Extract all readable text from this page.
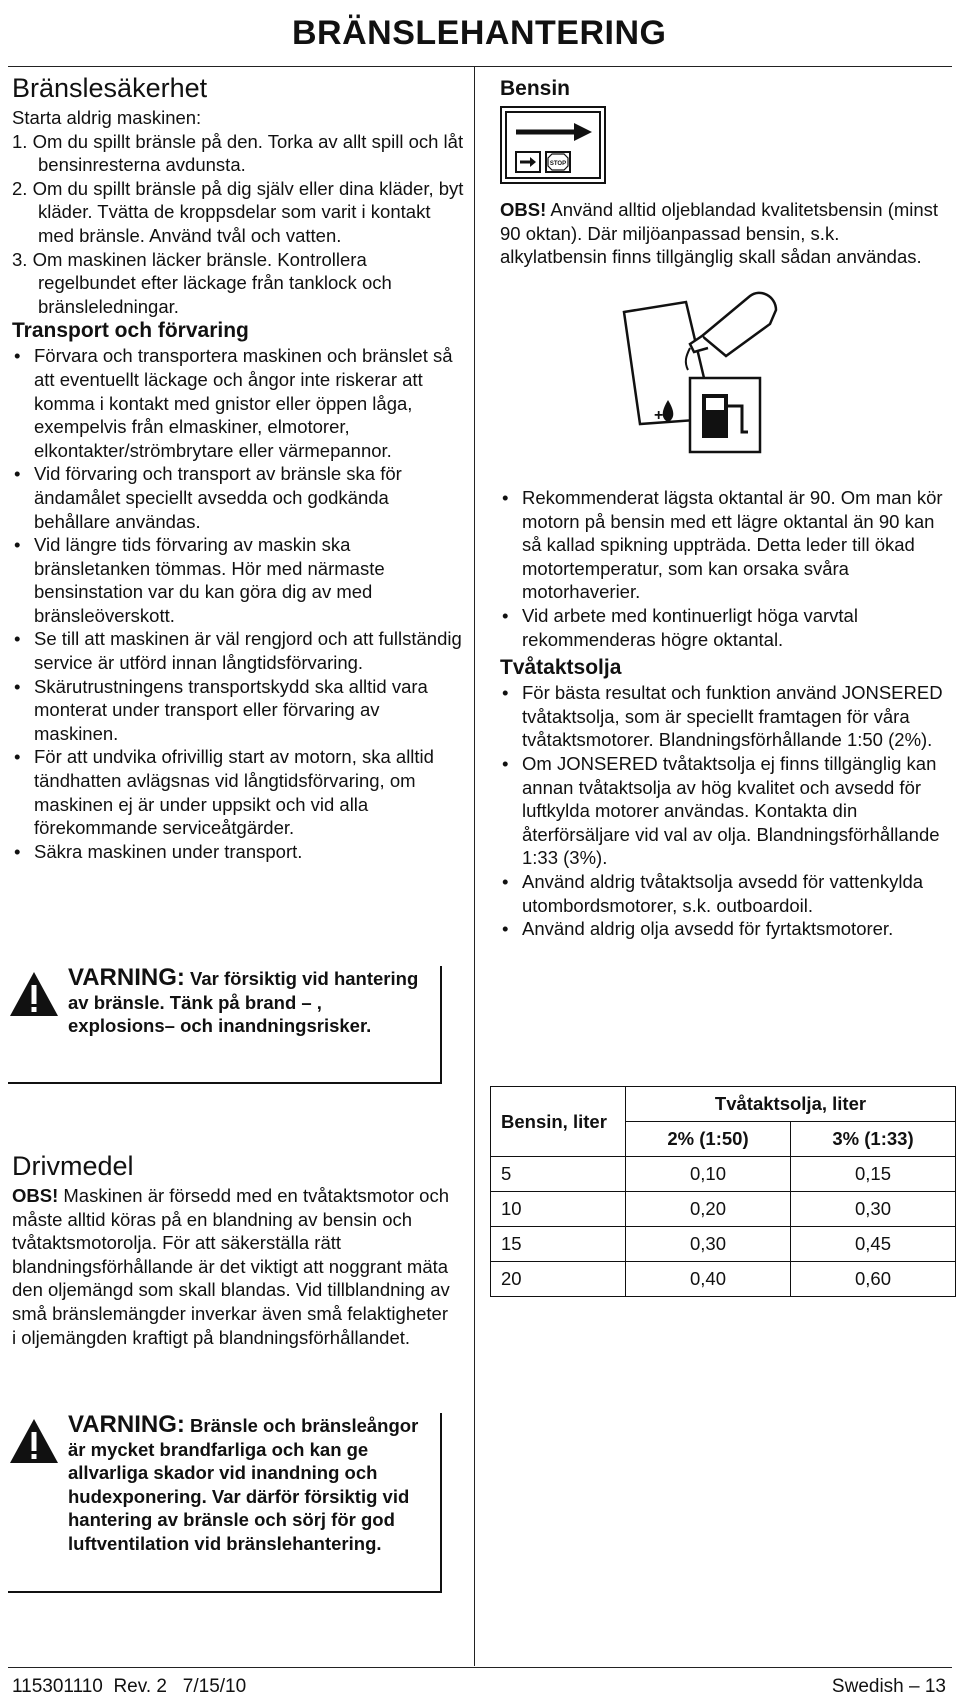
BRÄNSLEHANTERING
Bränslesäkerhet

Starta aldrig maskinen:

1. Om du spillt bränsle på den. Torka av allt spill och låt bensinresterna avdunsta.

2. Om du spillt bränsle på dig själv eller dina kläder, byt kläder. Tvätta de kroppsdelar som varit i kontakt med bränsle. Använd tvål och vatten.

3. Om maskinen läcker bränsle. Kontrollera regelbundet efter läckage från tanklock och bränsleledningar.

Transport och förvaring
• Förvara och transportera maskinen och bränslet så att eventuellt läckage och ångor inte riskerar att komma i kontakt med gnistor eller öppen låga, exempelvis från elmaskiner, elmotorer, elkontakter/strömbrytare eller värmepannor.
• Vid förvaring och transport av bränsle ska för ändamålet speciellt avsedda och godkända behållare användas.
• Vid längre tids förvaring av maskin ska bränsletanken tömmas. Hör med närmaste bensinstation var du kan göra dig av med bränsleöverskott.
• Se till att maskinen är väl rengjord och att fullständig service är utförd innan långtidsförvaring.
• Skärutrustningens transportskydd ska alltid vara monterat under transport eller förvaring av maskinen.
• För att undvika ofrivillig start av motorn, ska alltid tändhatten avlägsnas vid långtidsförvaring, om maskinen ej är under uppsikt och vid alla förekommande serviceåtgärder.
• Säkra maskinen under transport.
VARNING: Var försiktig vid hantering av bränsle. Tänk på brand – , explosions– och inandningsrisker.
Drivmedel

OBS! Maskinen är försedd med en tvåtaktsmotor och måste alltid köras på en blandning av bensin och tvåtaktsmotorolja. För att säkerställa rätt blandningsförhållande är det viktigt att noggrant mäta den oljemängd som skall blandas. Vid tillblandning av små bränslemängder inverkar även små felaktigheter i oljemängden kraftigt på blandningsförhållandet.

VARNING: Bränsle och bränsleångor är mycket brandfarliga och kan ge allvarliga skador vid inandning och hudexponering. Var därför försiktig vid hantering av bränsle och sörj för god luftventilation vid bränslehantering.
Bensin
STOP

OBS! Använd alltid oljeblandad kvalitetsbensin (minst 90 oktan). Där miljöanpassad bensin, s.k. alkylatbensin finns tillgänglig skall sådan användas.

+
• Rekommenderat lägsta oktantal är 90. Om man kör motorn på bensin med ett lägre oktantal än 90 kan så kallad spikning uppträda. Detta leder till ökad motortemperatur, som kan orsaka svåra motorhaverier.
• Vid arbete med kontinuerligt höga varvtal rekommenderas högre oktantal.
Tvåtaktsolja
• För bästa resultat och funktion använd JONSERED tvåtaktsolja, som är speciellt framtagen för våra tvåtaktsmotorer. Blandningsförhållande 1:50 (2%).
• Om JONSERED tvåtaktsolja ej finns tillgänglig kan annan tvåtaktsolja av hög kvalitet och avsedd för luftkylda motorer användas. Kontakta din återförsäljare vid val av olja. Blandningsförhållande 1:33 (3%).
• Använd aldrig tvåtaktsolja avsedd för vattenkylda utombordsmotorer, s.k. outboardoil.
• Använd aldrig olja avsedd för fyrtaktsmotorer.
Bensin, liter	Tvåtaktsolja, liter	
	2% (1:50)	3% (1:33)
5	0,10	0,15
10	0,20	0,30
15	0,30	0,45
20	0,40	0,60
115301110 Rev. 2 7/15/10	Swedish – 13
